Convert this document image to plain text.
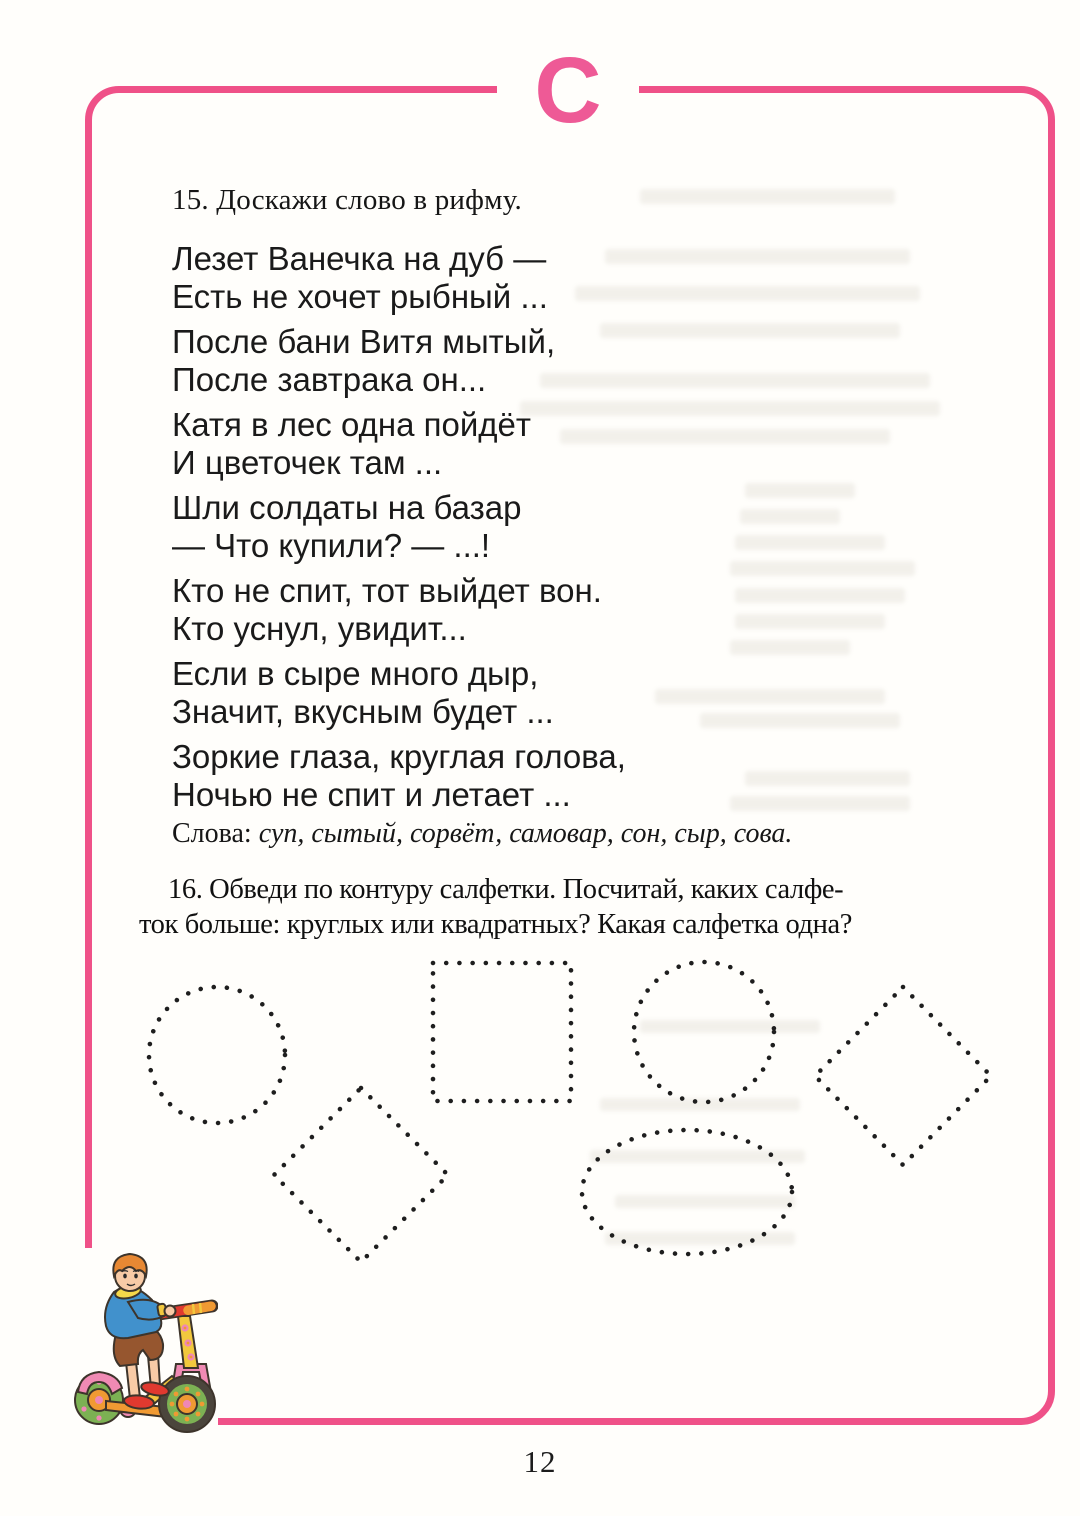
С
15. Доскажи слово в рифму.
Лезет Ванечка на дуб —
Есть не хочет рыбный ...
После бани Витя мытый,
После завтрака он...
Катя в лес одна пойдёт
И цветочек там ...
Шли солдаты на базар
— Что купили? — ...!
Кто не спит, тот выйдет вон.
Кто уснул, увидит...
Если в сыре много дыр,
Значит, вкусным будет ...
Зоркие глаза, круглая голова,
Ночью не спит и летает ...
Слова: суп, сытый, сорвёт, самовар, сон, сыр, сова.
16. Обведи по контуру салфетки. Посчитай, каких салфе-
ток больше: круглых или квадратных? Какая салфетка одна?
12
